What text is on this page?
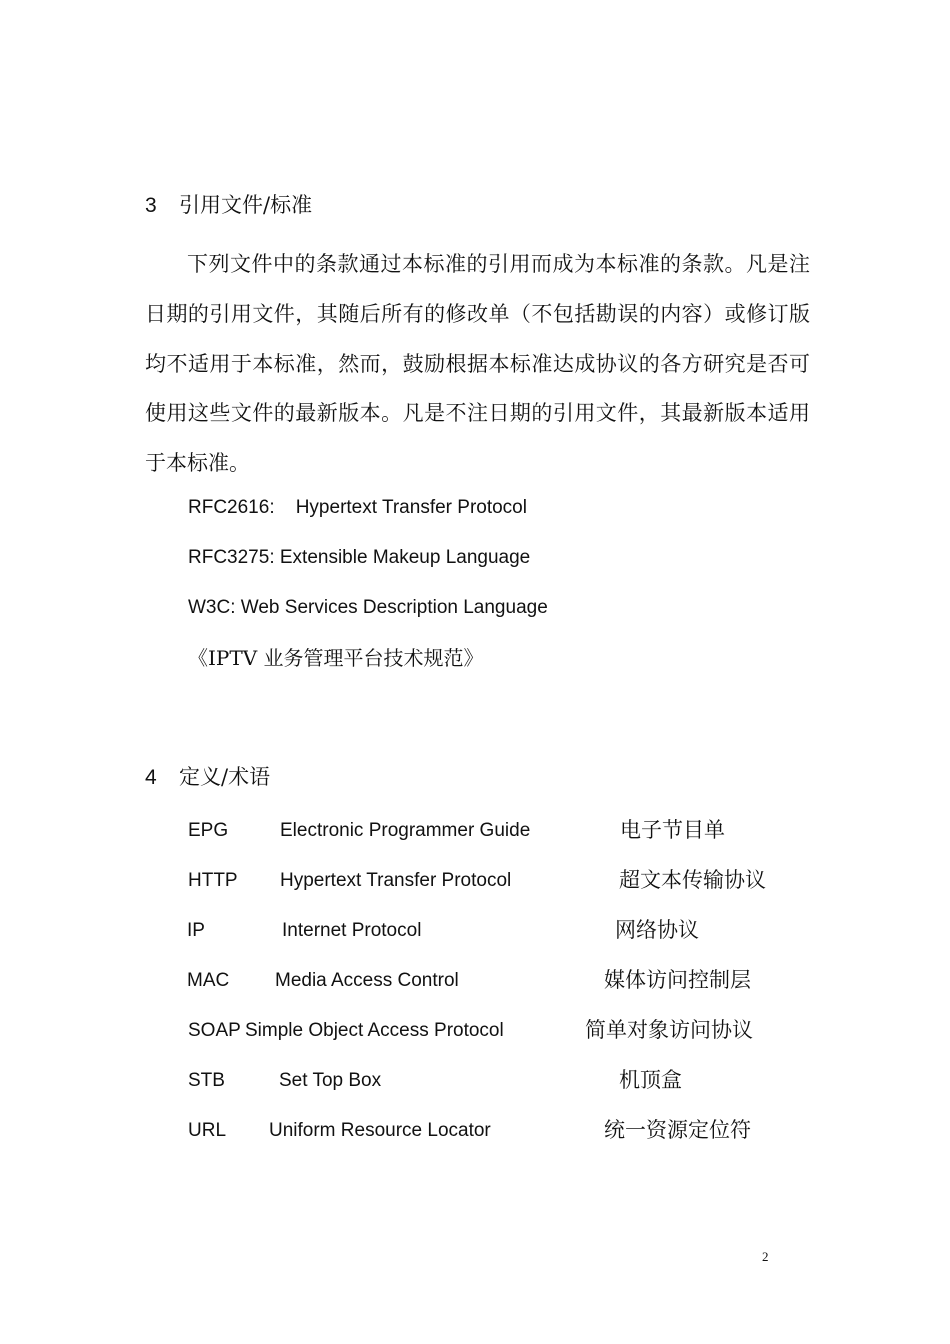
3 引用文件/标准

下列文件中的条款通过本标准的引用而成为本标准的条款。凡是注日期的引用文件，其随后所有的修改单（不包括勘误的内容）或修订版均不适用于本标准，然而，鼓励根据本标准达成协议的各方研究是否可使用这些文件的最新版本。凡是不注日期的引用文件，其最新版本适用于本标准。

RFC2616:    Hypertext Transfer Protocol
RFC3275: Extensible Makeup Language
W3C: Web Services Description Language
《IPTV 业务管理平台技术规范》
4 定义/术语
EPG	Electronic Programmer Guide	电子节目单
HTTP Hypertext Transfer Protocol	超文本传输协议
IP	Internet Protocol	网络协议
MAC Media Access Control	媒体访问控制层
SOAP Simple Object Access Protocol	简单对象访问协议
STB	Set Top Box	机顶盒
URL Uniform Resource Locator	统一资源定位符
2
